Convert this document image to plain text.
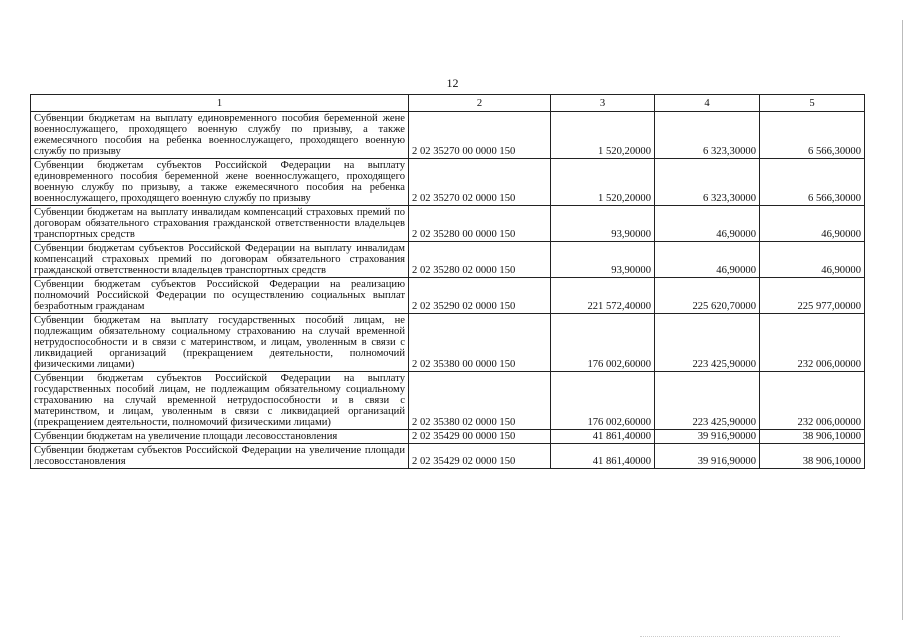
12
1	2	3	4	5
Субвенции бюджетам на выплату единовременного пособия беременной жене военнослужащего, проходящего военную службу по призыву, а также ежемесячного пособия на ребенка военнослужащего, проходящего военную службу по призыву	2 02 35270 00 0000 150	1 520,20000	6 323,30000	6 566,30000
Субвенции бюджетам субъектов Российской Федерации на выплату единовременного пособия беременной жене военнослужащего, проходящего военную службу по призыву, а также ежемесячного пособия на ребенка военнослужащего, проходящего военную службу по призыву	2 02 35270 02 0000 150	1 520,20000	6 323,30000	6 566,30000
Субвенции бюджетам на выплату инвалидам компенсаций страховых премий по договорам обязательного страхования гражданской ответственности владельцев транспортных средств	2 02 35280 00 0000 150	93,90000	46,90000	46,90000
Субвенции бюджетам субъектов Российской Федерации на выплату инвалидам компенсаций страховых премий по договорам обязательного страхования гражданской ответственности владельцев транспортных средств	2 02 35280 02 0000 150	93,90000	46,90000	46,90000
Субвенции бюджетам субъектов Российской Федерации на реализацию полномочий Российской Федерации по осуществлению социальных выплат безработным гражданам	2 02 35290 02 0000 150	221 572,40000	225 620,70000	225 977,00000
Субвенции бюджетам на выплату государственных пособий лицам, не подлежащим обязательному социальному страхованию на случай временной нетрудоспособности и в связи с материнством, и лицам, уволенным в связи с ликвидацией организаций (прекращением деятельности, полномочий физическими лицами)	2 02 35380 00 0000 150	176 002,60000	223 425,90000	232 006,00000
Субвенции бюджетам субъектов Российской Федерации на выплату государственных пособий лицам, не подлежащим обязательному социальному страхованию на случай временной нетрудоспособности и в связи с материнством, и лицам, уволенным в связи с ликвидацией организаций (прекращением деятельности, полномочий физическими лицами)	2 02 35380 02 0000 150	176 002,60000	223 425,90000	232 006,00000
Субвенции бюджетам на увеличение площади лесовосстановления	2 02 35429 00 0000 150	41 861,40000	39 916,90000	38 906,10000
Субвенции бюджетам субъектов Российской Федерации на увеличение площади лесовосстановления	2 02 35429 02 0000 150	41 861,40000	39 916,90000	38 906,10000
